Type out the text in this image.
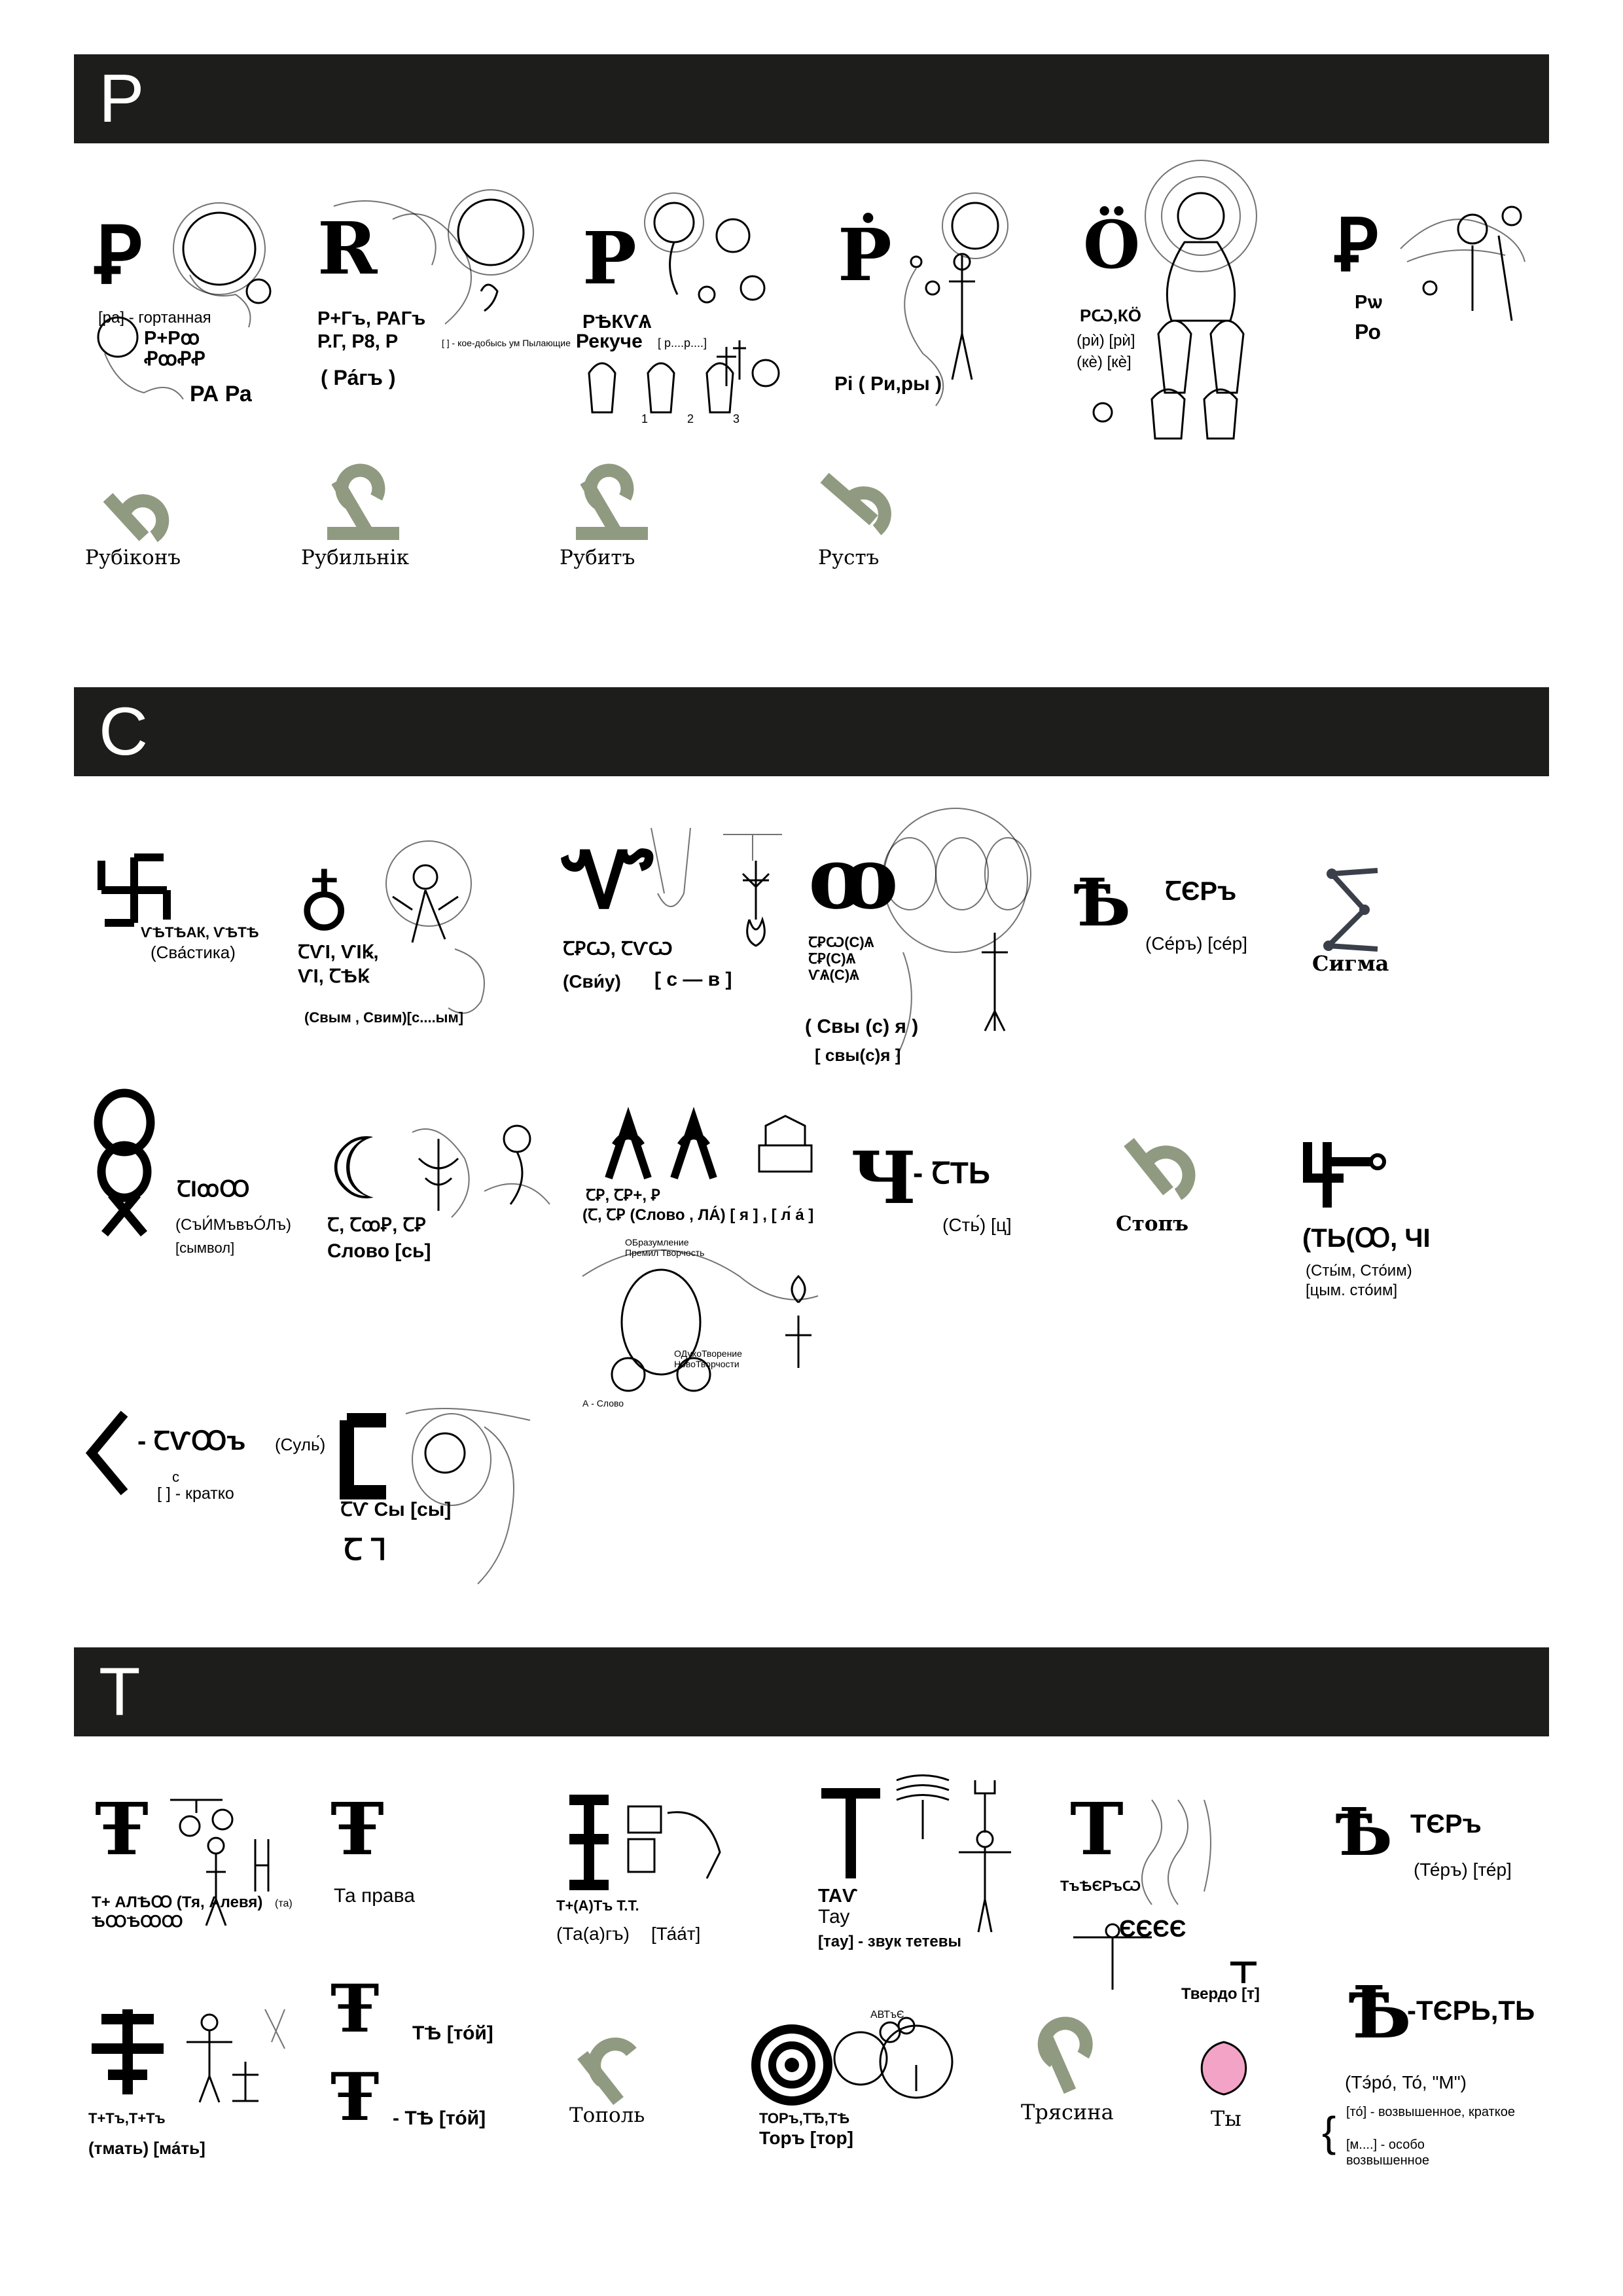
Р
Ꝑ
[ра] - гортанная
Р+Рꝏ
ꝒꝏꝒꝒ
РА Ра
R
Р+Гъ, РАГъ
Р.Г, Р8, Р	[ ] - кое-добысь ум Пылающие
( Ра́гъ )
Р
РѢКѴѦ
Рекуче [ р....р....]
1	2	3
Ṗ
Рі ( Ри,ры )
Ö
РѠ,КӦ
(рѝ) [рѝ]
(кѐ) [кѐ]
Ꝑ
Рѡ
Ро
Рубiконъ	Рубильнiк	Рубитъ	Рустъ
С
ѴѢТѢАК, ѴѢТѢ
(Сва́стика)
♁
ꞆѴІ, ѴІꝂ,
ѴІ, ꞆѢꝂ
(Свым , Свим)[с....ым]
Ꮙ
ꞆꝐѠ, ꞆѴѠ
(Сви́у) [ с ― в ]
ꝏ
ꞆꝐѠ(С)Ѧ
ꞆꝐ(С)Ѧ
ѴѦ(С)Ѧ
( Свы (с) я )
[ свы(с)я ]
Ѣ ꞆЄРъ
(Се́ръ) [се́р]
Сигма
ꞆІꝏꝎ
(СъИ́МъвъО́Лъ)
[сымвол]
☾
Ꞇ, ꞆꝏꝐ, ꞆꝐ
Слово [сь]
ꞆꝐ, ꞆꝐ+, Ꝑ
(Ꞇ, ꞆꝐ (Слово , ЛА́) [ я ] , [ л́ а́ ]
ОБразумление Премил Творчость
ОДухоТворение НовоТворчости
А - Слово
Ч
- ꞆТЬ
(Сть́) [ц]	Стопъ	(ТЬ(Ꝏ, ЧІ
(Сты́м, Сто́им)
[цым. сто́им]
- ꞆѴꝎъ (Суль́)
с
[ ] - кратко
ꞆѴ Сы [сы]
Ꞇ ⅂
Т
Ŧ
Т+ АЛѢꝎ (Тя, Алевя) (та)
ѢꝎѢꝎꝎ
Ŧ
Та права	Т+(А)Тъ Т.Т.
(Та(а)гъ) [Та́а́т]
ТАѴ
Тау
[тау] - звук тетевы
Т
ТъѢЄРъѠ
ЄЄЄЄ
Твердо [т]
Ѣ ТЄРъ
(Те́ръ) [те́р]
Т+Тъ,Т+Тъ
(тмать) [ма́ть]
Ŧ ТѢ [то́й]
Ŧ - ТѢ [то́й]	Тополь
АВТъЄ
ТОРъ,ТЂ,ТѢ
Торъ [тор]
Трясина	Ты
Ѣ
-ТЄРЬ,ТЬ
(Тэ́ро́, То́, "М")
{ [то́] - возвышенное, краткое
[м....] - особо возвышенное
